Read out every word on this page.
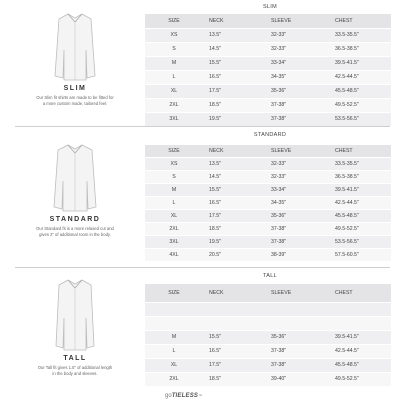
SLIM
SLIM
Our Slim fit shirts are made to be fitted for a more custom made, tailored feel.
SIZE	NECK	SLEEVE	CHEST
XS	13.5"	32-33"	33.5-35.5"
S	14.5"	32-33"	36.5-38.5"
M	15.5"	33-34"	39.5-41.5"
L	16.5"	34-35"	42.5-44.5"
XL	17.5"	35-36"	45.5-48.5"
2XL	18.5"	37-38"	49.5-52.5"
3XL	19.5"	37-38"	53.5-56.5"
STANDARD
STANDARD
Our Standard fit is a more relaxed cut and gives 2" of additional room in the body.
SIZE	NECK	SLEEVE	CHEST
XS	13.5"	32-33"	33.5-35.5"
S	14.5"	32-33"	36.5-38.5"
M	15.5"	33-34"	39.5-41.5"
L	16.5"	34-35"	42.5-44.5"
XL	17.5"	35-36"	45.5-48.5"
2XL	18.5"	37-38"	49.5-52.5"
3XL	19.5"	37-38"	53.5-56.5"
4XL	20.5"	38-39"	57.5-60.5"
TALL
TALL
Our Tall fit gives 1.5" of additional length in the body and sleeves.
SIZE	NECK	SLEEVE	CHEST

M	15.5"	35-36"	39.5-41.5"
L	16.5"	37-38"	42.5-44.5"
XL	17.5"	37-38"	45.5-48.5"
2XL	18.5"	39-40"	49.5-52.5"
goTIELESS™
